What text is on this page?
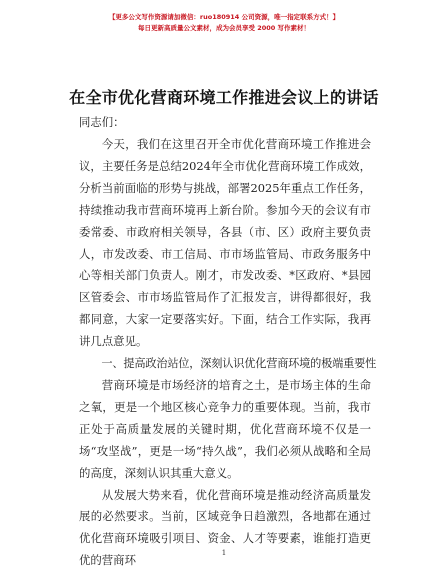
【更多公文写作资源请加微信：ruo180914 公司资源，唯一指定联系方式！】
每日更新高质量公文素材，成为会员享受 2000 写作素材！
在全市优化营商环境工作推进会议上的讲话
同志们：

今天，我们在这里召开全市优化营商环境工作推进会议，主要任务是总结2024年全市优化营商环境工作成效，分析当前面临的形势与挑战，部署2025年重点工作任务，持续推动我市营商环境再上新台阶。参加今天的会议有市委常委、市政府相关领导，各县（市、区）政府主要负责人，市发改委、市工信局、市市场监管局、市政务服务中心等相关部门负责人。刚才，市发改委、*区政府、*县园区管委会、市市场监管局作了汇报发言，讲得都很好，我都同意，大家一定要落实好。下面，结合工作实际，我再讲几点意见。

一、提高政治站位，深刻认识优化营商环境的极端重要性

营商环境是市场经济的培育之土，是市场主体的生命之氧，更是一个地区核心竞争力的重要体现。当前，我市正处于高质量发展的关键时期，优化营商环境不仅是一场“攻坚战”，更是一场“持久战”，我们必须从战略和全局的高度，深刻认识其重大意义。

从发展大势来看，优化营商环境是推动经济高质量发展的必然要求。当前，区域竞争日趋激烈，各地都在通过优化营商环境吸引项目、资金、人才等要素，谁能打造更优的营商环

1
